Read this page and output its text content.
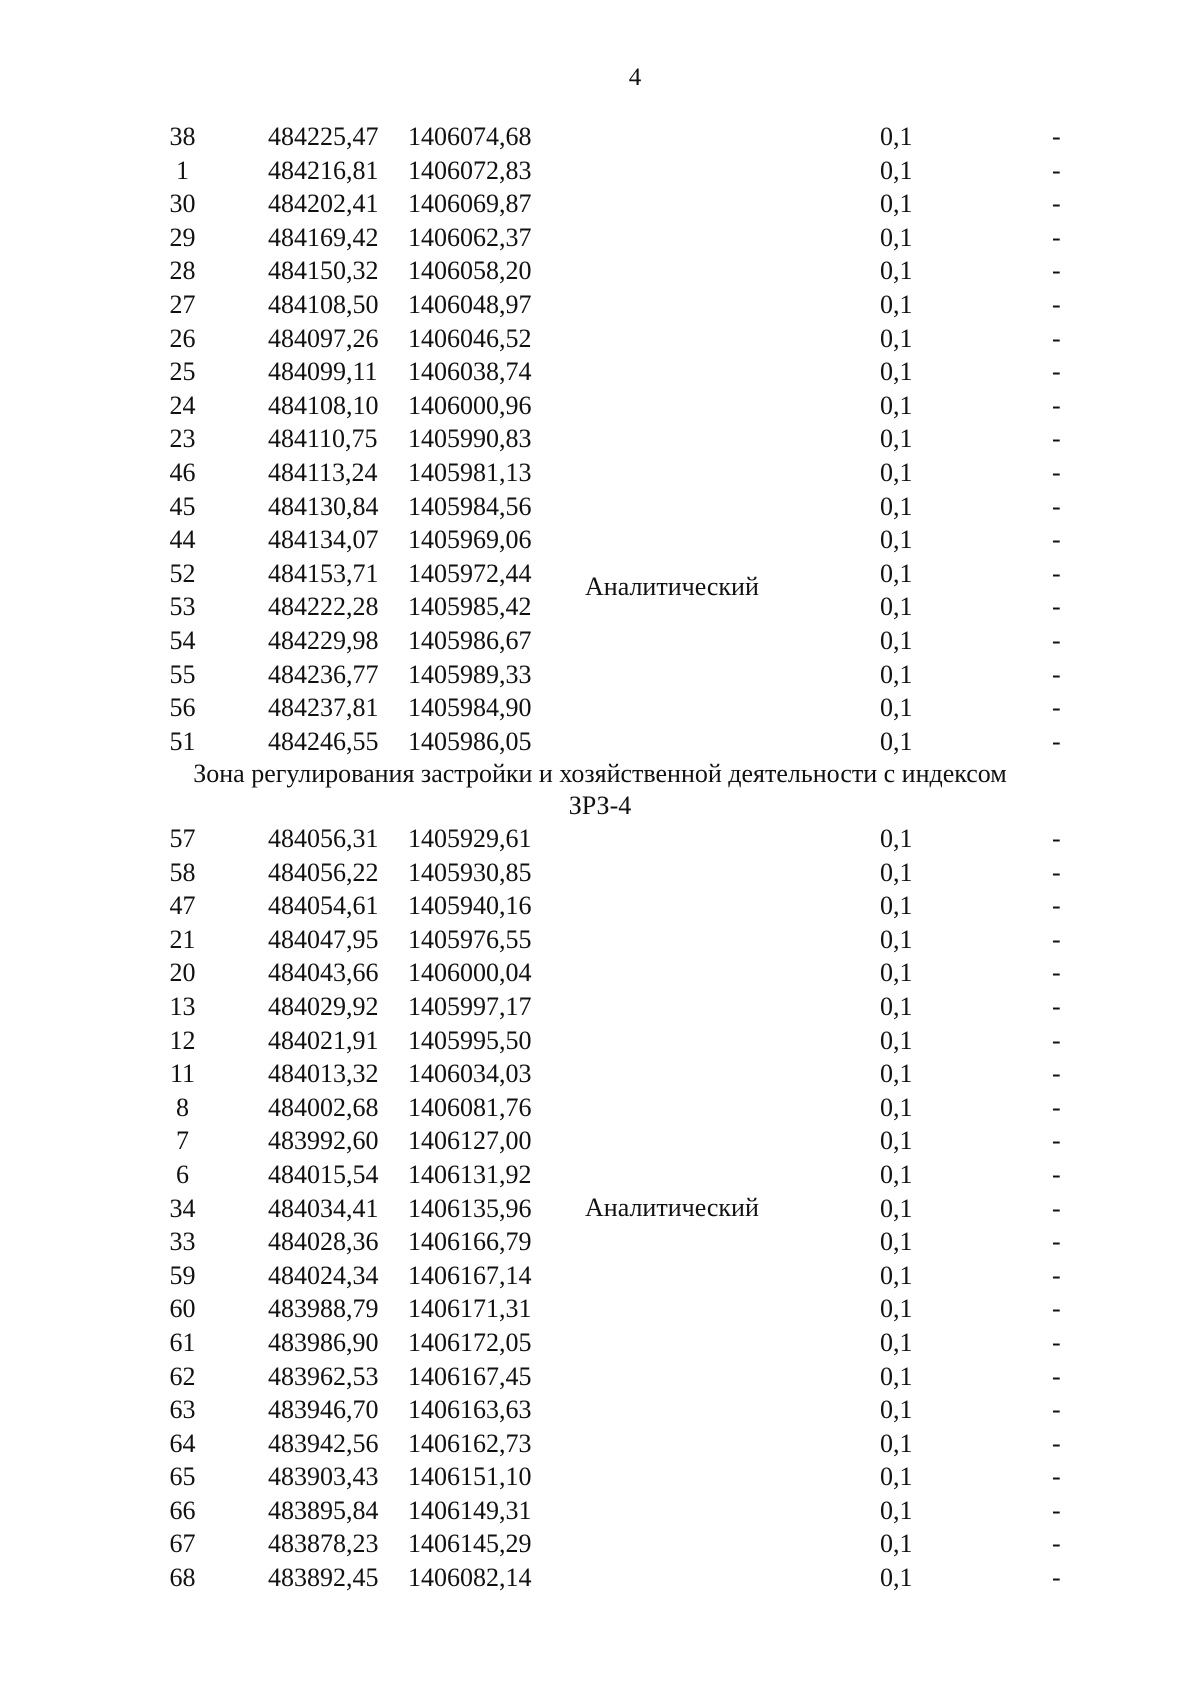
4
38	484225,47 1406074,68	0,1	-
1	484216,81 1406072,83	0,1	-
30	484202,41 1406069,87	0,1	-
29	484169,42 1406062,37	0,1	-
28	484150,32 1406058,20	0,1	-
27	484108,50 1406048,97	0,1	-
26	484097,26 1406046,52	0,1	-
25	484099,11 1406038,74	0,1	-
24	484108,10 1406000,96	0,1	-
23	484110,75 1405990,83	0,1	-
46	484113,24 1405981,13	0,1	-
45	484130,84 1405984,56	0,1	-
44	484134,07 1405969,06	0,1	-
52	484153,71 1405972,44	0,1	-
53	484222,28 1405985,42	0,1	-
54	484229,98 1405986,67	0,1	-
55	484236,77 1405989,33	0,1	-
56	484237,81 1405984,90	0,1	-
51	484246,55 1405986,05	0,1	-
Аналитический
Зона регулирования застройки и хозяйственной деятельности с индексом
ЗРЗ-4
57	484056,31 1405929,61	0,1	-
58	484056,22 1405930,85	0,1	-
47	484054,61 1405940,16	0,1	-
21	484047,95 1405976,55	0,1	-
20	484043,66 1406000,04	0,1	-
13	484029,92 1405997,17	0,1	-
12	484021,91 1405995,50	0,1	-
11	484013,32 1406034,03	0,1	-
8	484002,68 1406081,76	0,1	-
7	483992,60 1406127,00	0,1	-
6	484015,54 1406131,92	0,1	-
34	484034,41 1406135,96	0,1	-
33	484028,36 1406166,79	0,1	-
59	484024,34 1406167,14	0,1	-
60	483988,79 1406171,31	0,1	-
61	483986,90 1406172,05	0,1	-
62	483962,53 1406167,45	0,1	-
63	483946,70 1406163,63	0,1	-
64	483942,56 1406162,73	0,1	-
65	483903,43 1406151,10	0,1	-
66	483895,84 1406149,31	0,1	-
67	483878,23 1406145,29	0,1	-
68	483892,45 1406082,14	0,1	-
Аналитический
